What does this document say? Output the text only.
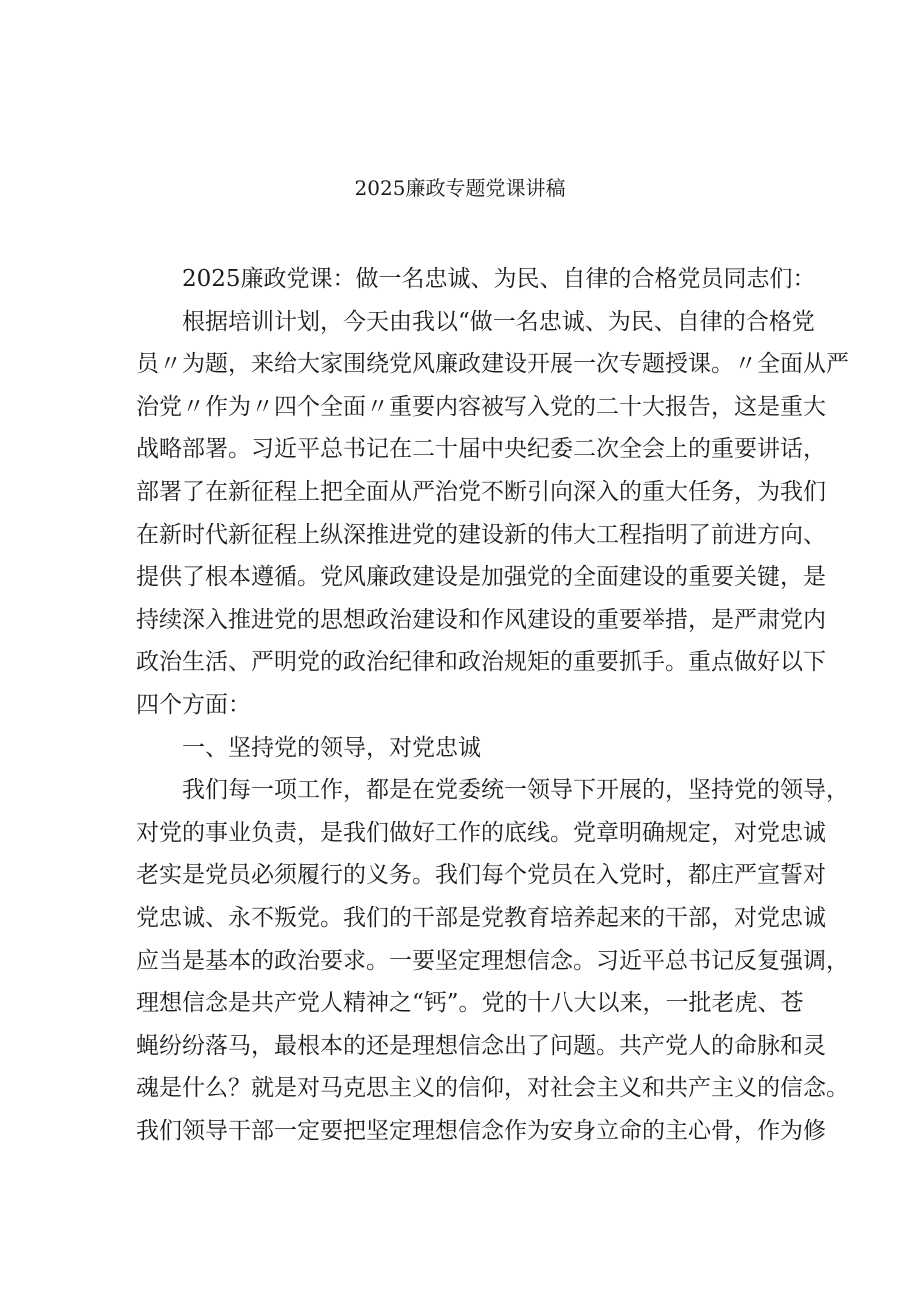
2025廉政专题党课讲稿
2025廉政党课：做一名忠诚、为民、自律的合格党员同志们：
根据培训计划，今天由我以“做一名忠诚、为民、自律的合格党
员〃为题，来给大家围绕党风廉政建设开展一次专题授课。〃全面从严
治党〃作为〃四个全面〃重要内容被写入党的二十大报告，这是重大
战略部署。习近平总书记在二十届中央纪委二次全会上的重要讲话，
部署了在新征程上把全面从严治党不断引向深入的重大任务，为我们
在新时代新征程上纵深推进党的建设新的伟大工程指明了前进方向、
提供了根本遵循。党风廉政建设是加强党的全面建设的重要关键，是
持续深入推进党的思想政治建设和作风建设的重要举措，是严肃党内
政治生活、严明党的政治纪律和政治规矩的重要抓手。重点做好以下
四个方面：
一、坚持党的领导，对党忠诚
我们每一项工作，都是在党委统一领导下开展的，坚持党的领导，
对党的事业负责，是我们做好工作的底线。党章明确规定，对党忠诚
老实是党员必须履行的义务。我们每个党员在入党时，都庄严宣誓对
党忠诚、永不叛党。我们的干部是党教育培养起来的干部，对党忠诚
应当是基本的政治要求。一要坚定理想信念。习近平总书记反复强调，
理想信念是共产党人精神之“钙”。党的十八大以来，一批老虎、苍
蝇纷纷落马，最根本的还是理想信念出了问题。共产党人的命脉和灵
魂是什么？就是对马克思主义的信仰，对社会主义和共产主义的信念。
我们领导干部一定要把坚定理想信念作为安身立命的主心骨，作为修
